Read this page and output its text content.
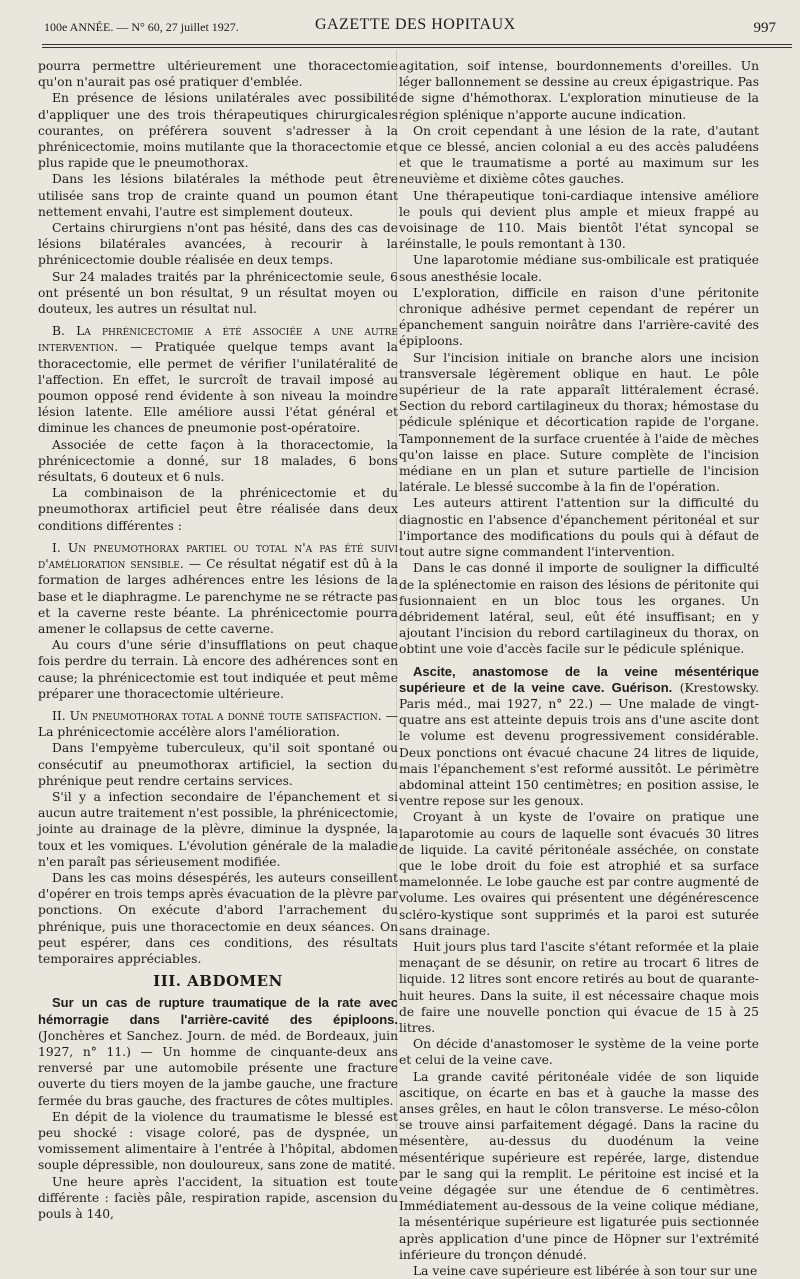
100e ANNÉE. — N° 60, 27 juillet 1927.	GAZETTE DES HOPITAUX	997

pourra permettre ultérieurement une thoracectomie qu'on n'aurait pas osé pratiquer d'emblée.

En présence de lésions unilatérales avec possibilité d'appliquer une des trois thérapeutiques chirurgicales courantes, on préférera souvent s'adresser à la phrénicectomie, moins mutilante que la thoracectomie et plus rapide que le pneumothorax.

Dans les lésions bilatérales la méthode peut être utilisée sans trop de crainte quand un poumon étant nettement envahi, l'autre est simplement douteux.

Certains chirurgiens n'ont pas hésité, dans des cas de lésions bilatérales avancées, à recourir à la phrénicectomie double réalisée en deux temps.

Sur 24 malades traités par la phrénicectomie seule, 6 ont présenté un bon résultat, 9 un résultat moyen ou douteux, les autres un résultat nul.

B. La phrénicectomie a été associée a une autre intervention. — Pratiquée quelque temps avant la thoracectomie, elle permet de vérifier l'unilatéralité de l'affection. En effet, le surcroît de travail imposé au poumon opposé rend évidente à son niveau la moindre lésion latente. Elle améliore aussi l'état général et diminue les chances de pneumonie post-opératoire.

Associée de cette façon à la thoracectomie, la phrénicectomie a donné, sur 18 malades, 6 bons résultats, 6 douteux et 6 nuls.

La combinaison de la phrénicectomie et du pneumothorax artificiel peut être réalisée dans deux conditions différentes :

I. Un pneumothorax partiel ou total n'a pas été suivi d'amélioration sensible. — Ce résultat négatif est dû à la formation de larges adhérences entre les lésions de la base et le diaphragme. Le parenchyme ne se rétracte pas et la caverne reste béante. La phrénicectomie pourra amener le collapsus de cette caverne.

Au cours d'une série d'insufflations on peut chaque fois perdre du terrain. Là encore des adhérences sont en cause; la phrénicectomie est tout indiquée et peut même préparer une thoracectomie ultérieure.

II. Un pneumothorax total a donné toute satisfaction. — La phrénicectomie accélère alors l'amélioration.

Dans l'empyème tuberculeux, qu'il soit spontané ou consécutif au pneumothorax artificiel, la section du phrénique peut rendre certains services.

S'il y a infection secondaire de l'épanchement et si aucun autre traitement n'est possible, la phrénicectomie, jointe au drainage de la plèvre, diminue la dyspnée, la toux et les vomiques. L'évolution générale de la maladie n'en paraît pas sérieusement modifiée.

Dans les cas moins désespérés, les auteurs conseillent d'opérer en trois temps après évacuation de la plèvre par ponctions. On exécute d'abord l'arrachement du phrénique, puis une thoracectomie en deux séances. On peut espérer, dans ces conditions, des résultats temporaires appréciables.

III. ABDOMEN

Sur un cas de rupture traumatique de la rate avec hémorragie dans l'arrière-cavité des épiploons. (Jonchères et Sanchez. Journ. de méd. de Bordeaux, juin 1927, n° 11.) — Un homme de cinquante-deux ans renversé par une automobile présente une fracture ouverte du tiers moyen de la jambe gauche, une fracture fermée du bras gauche, des fractures de côtes multiples.

En dépit de la violence du traumatisme le blessé est peu shocké : visage coloré, pas de dyspnée, un vomissement alimentaire à l'entrée à l'hôpital, abdomen souple dépressible, non douloureux, sans zone de matité.

Une heure après l'accident, la situation est toute différente : faciès pâle, respiration rapide, ascension du pouls à 140,

agitation, soif intense, bourdonnements d'oreilles. Un léger ballonnement se dessine au creux épigastrique. Pas de signe d'hémothorax. L'exploration minutieuse de la région splénique n'apporte aucune indication.

On croit cependant à une lésion de la rate, d'autant que ce blessé, ancien colonial a eu des accès paludéens et que le traumatisme a porté au maximum sur les neuvième et dixième côtes gauches.

Une thérapeutique toni-cardiaque intensive améliore le pouls qui devient plus ample et mieux frappé au voisinage de 110. Mais bientôt l'état syncopal se réinstalle, le pouls remontant à 130.

Une laparotomie médiane sus-ombilicale est pratiquée sous anesthésie locale.

L'exploration, difficile en raison d'une péritonite chronique adhésive permet cependant de repérer un épanchement sanguin noirâtre dans l'arrière-cavité des épiploons.

Sur l'incision initiale on branche alors une incision transversale légèrement oblique en haut. Le pôle supérieur de la rate apparaît littéralement écrasé. Section du rebord cartilagineux du thorax; hémostase du pédicule splénique et décortication rapide de l'organe. Tamponnement de la surface cruentée à l'aide de mèches qu'on laisse en place. Suture complète de l'incision médiane en un plan et suture partielle de l'incision latérale. Le blessé succombe à la fin de l'opération.

Les auteurs attirent l'attention sur la difficulté du diagnostic en l'absence d'épanchement péritonéal et sur l'importance des modifications du pouls qui à défaut de tout autre signe commandent l'intervention.

Dans le cas donné il importe de souligner la difficulté de la splénectomie en raison des lésions de péritonite qui fusionnaient en un bloc tous les organes. Un débridement latéral, seul, eût été insuffisant; en y ajoutant l'incision du rebord cartilagineux du thorax, on obtint une voie d'accès facile sur le pédicule splénique.

Ascite, anastomose de la veine mésentérique supérieure et de la veine cave. Guérison. (Krestowsky. Paris méd., mai 1927, n° 22.) — Une malade de vingt-quatre ans est atteinte depuis trois ans d'une ascite dont le volume est devenu progressivement considérable. Deux ponctions ont évacué chacune 24 litres de liquide, mais l'épanchement s'est reformé aussitôt. Le périmètre abdominal atteint 150 centimètres; en position assise, le ventre repose sur les genoux.

Croyant à un kyste de l'ovaire on pratique une laparotomie au cours de laquelle sont évacués 30 litres de liquide. La cavité péritonéale asséchée, on constate que le lobe droit du foie est atrophié et sa surface mamelonnée. Le lobe gauche est par contre augmenté de volume. Les ovaires qui présentent une dégénérescence scléro-kystique sont supprimés et la paroi est suturée sans drainage.

Huit jours plus tard l'ascite s'étant reformée et la plaie menaçant de se désunir, on retire au trocart 6 litres de liquide. 12 litres sont encore retirés au bout de quarante-huit heures. Dans la suite, il est nécessaire chaque mois de faire une nouvelle ponction qui évacue de 15 à 25 litres.

On décide d'anastomoser le système de la veine porte et celui de la veine cave.

La grande cavité péritonéale vidée de son liquide ascitique, on écarte en bas et à gauche la masse des anses grêles, en haut le côlon transverse. Le méso-côlon se trouve ainsi parfaitement dégagé. Dans la racine du mésentère, au-dessus du duodénum la veine mésentérique supérieure est repérée, large, distendue par le sang qui la remplit. Le péritoine est incisé et la veine dégagée sur une étendue de 6 centimètres. Immédiatement au-dessous de la veine colique médiane, la mésentérique supérieure est ligaturée puis sectionnée après application d'une pince de Höpner sur l'extrémité inférieure du tronçon dénudé.

La veine cave supérieure est libérée à son tour sur une
